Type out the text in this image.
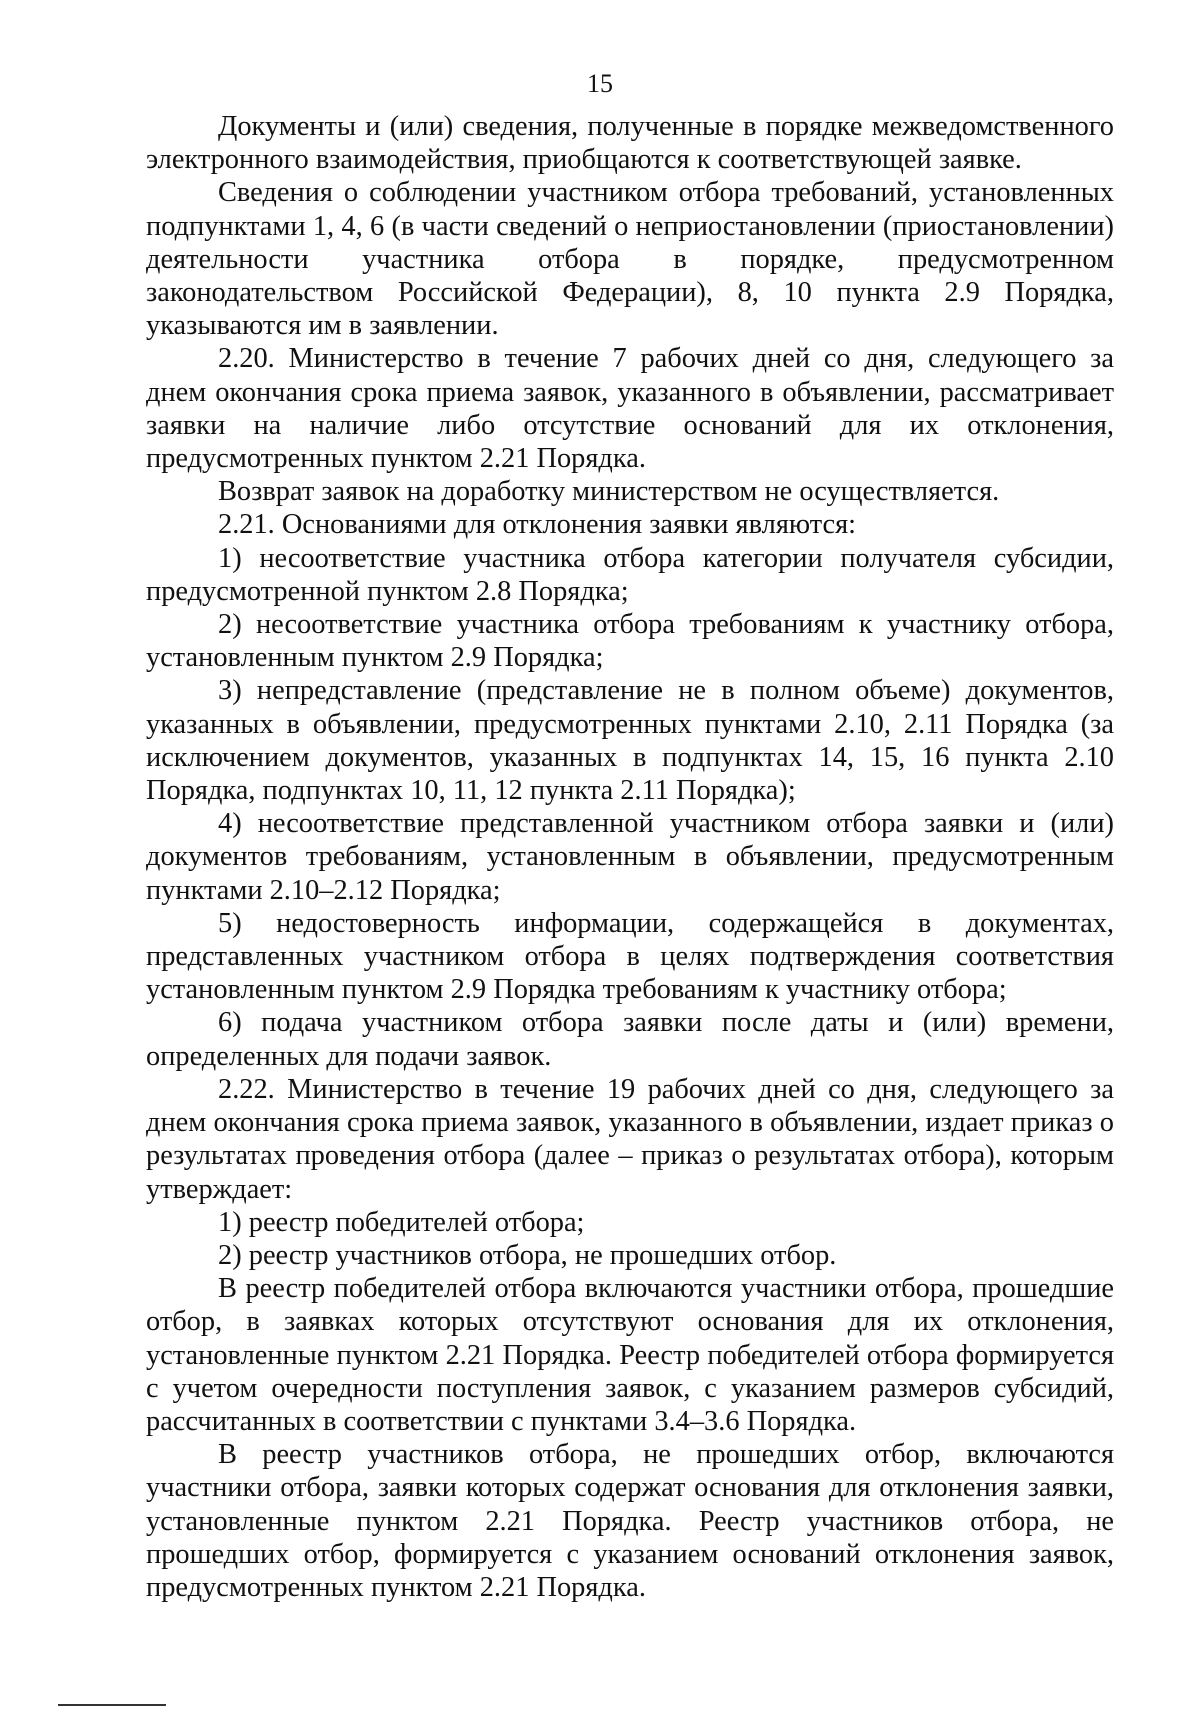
15

Документы и (или) сведения, полученные в порядке межведомственного электронного взаимодействия, приобщаются к соответствующей заявке.

Сведения о соблюдении участником отбора требований, установленных подпунктами 1, 4, 6 (в части сведений о неприостановлении (приостановлении) деятельности участника отбора в порядке, предусмотренном законодательством Российской Федерации), 8, 10 пункта 2.9 Порядка, указываются им в заявлении.

2.20. Министерство в течение 7 рабочих дней со дня, следующего за днем окончания срока приема заявок, указанного в объявлении, рассматривает заявки на наличие либо отсутствие оснований для их отклонения, предусмотренных пунктом 2.21 Порядка.

Возврат заявок на доработку министерством не осуществляется.

2.21. Основаниями для отклонения заявки являются:

1) несоответствие участника отбора категории получателя субсидии, предусмотренной пунктом 2.8 Порядка;

2) несоответствие участника отбора требованиям к участнику отбора, установленным пунктом 2.9 Порядка;

3) непредставление (представление не в полном объеме) документов, указанных в объявлении, предусмотренных пунктами 2.10, 2.11 Порядка (за исключением документов, указанных в подпунктах 14, 15, 16 пункта 2.10 Порядка, подпунктах 10, 11, 12 пункта 2.11 Порядка);

4) несоответствие представленной участником отбора заявки и (или) документов требованиям, установленным в объявлении, предусмотренным пунктами 2.10–2.12 Порядка;

5) недостоверность информации, содержащейся в документах, представленных участником отбора в целях подтверждения соответствия установленным пунктом 2.9 Порядка требованиям к участнику отбора;

6) подача участником отбора заявки после даты и (или) времени, определенных для подачи заявок.

2.22. Министерство в течение 19 рабочих дней со дня, следующего за днем окончания срока приема заявок, указанного в объявлении, издает приказ о результатах проведения отбора (далее – приказ о результатах отбора), которым утверждает:

1) реестр победителей отбора;

2) реестр участников отбора, не прошедших отбор.

В реестр победителей отбора включаются участники отбора, прошедшие отбор, в заявках которых отсутствуют основания для их отклонения, установленные пунктом 2.21 Порядка. Реестр победителей отбора формируется с учетом очередности поступления заявок, с указанием размеров субсидий, рассчитанных в соответствии с пунктами 3.4–3.6 Порядка.

В реестр участников отбора, не прошедших отбор, включаются участники отбора, заявки которых содержат основания для отклонения заявки, установленные пунктом 2.21 Порядка. Реестр участников отбора, не прошедших отбор, формируется с указанием оснований отклонения заявок, предусмотренных пунктом 2.21 Порядка.
